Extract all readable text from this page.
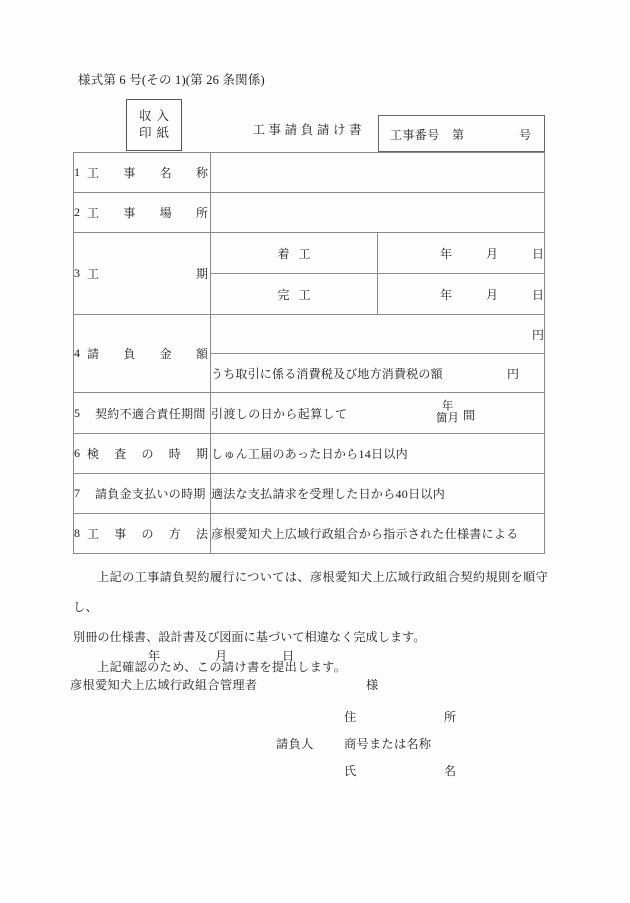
様式第 6 号(その 1)(第 26 条関係)
収入
印紙	工事請負請け書	工事番号　第	号
1 工 事 名 称		

2 工 事 場 所		

3 工 期	着工	年 月 日

	完工	年 月 日

4 請 負 金 額	円	
	うち取引に係る消費税及び地方消費税の額 円	

5 契約不適合責任期間	引渡しの日から起算して 年
箇月 間	

6 検 査 の 時 期	しゅん工届のあった日から14日以内

7 請負金支払いの時期	適法な支払請求を受理した日から40日以内	

8 工 事 の 方 法	彦根愛知犬上広域行政組合から指示された仕様書による
上記の工事請負契約履行については、彦根愛知犬上広域行政組合契約規則を順守し、
別冊の仕様書、設計書及び図面に基づいて相違なく完成します。
上記確認のため、この請け書を提出します。
年	月	日
彦根愛知犬上広域行政組合管理者	様
住	所
請負人	商号または名称
氏	名
